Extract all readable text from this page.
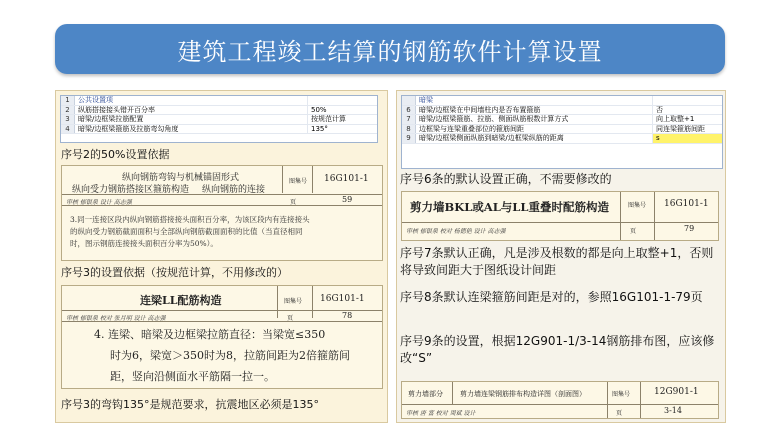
建筑工程竣工结算的钢筋软件计算设置
1	公共设置项
2	纵筋搭接接头错开百分率	50%
3	暗梁/边框梁拉筋配置	按规范计算
4	暗梁/边框梁箍筋及拉筋弯勾角度	135°
序号2的50%设置依据
纵向钢筋弯钩与机械锚固形式
纵向受力钢筋搭接区箍筋构造 纵向钢筋的连接
图集号 16G101-1
审核 郁银泉 设计 高志强	页	59
3.同一连接区段内纵向钢筋搭接接头面积百分率，为该区段内有连接接头
的纵向受力钢筋截面面积与全部纵向钢筋截面面积的比值（当直径相同
时，图示钢筋连接接头面积百分率为50%）。
序号3的设置依据（按规范计算，不用修改的）
连梁LL配筋构造	图集号 16G101-1
审核 郁银泉 校对 张月明 设计 高志强	页	78
4. 连梁、暗梁及边框梁拉筋直径：当梁宽≤350
时为6，梁宽＞350时为8，拉筋间距为2倍箍筋间
距，竖向沿侧面水平筋隔一拉一。
序号3的弯钩135°是规范要求，抗震地区必须是135°
暗梁
6	暗梁/边框梁在中间墙柱内是否布置箍筋	否
7	暗梁/边框梁箍筋、拉筋、侧面纵筋根数计算方式	向上取整+1
8	边框梁与连梁重叠部位的箍筋间距	同连梁箍筋间距
9	暗梁/边框梁侧面纵筋到暗梁/边框梁纵筋的距离	s
序号6条的默认设置正确，不需要修改的
剪力墙BKL或AL与LL重叠时配筋构造	图集号 16G101-1
审核 郁银泉 校对 杨德艳 设计 高志强	页	79
序号7条默认正确，凡是涉及根数的都是向上取整+1，否则将导致间距大于图纸设计间距
序号8条默认连梁箍筋间距是对的，参照16G101-1-79页
序号9条的设置，根据12G901-1/3-14钢筋排布图，应该修改“S”
剪力墙部分 剪力墙连梁钢筋排布构造详图（剖面图）	图集号	12G901-1
审核 唐 富 校对 周斌 设计	页	3-14
